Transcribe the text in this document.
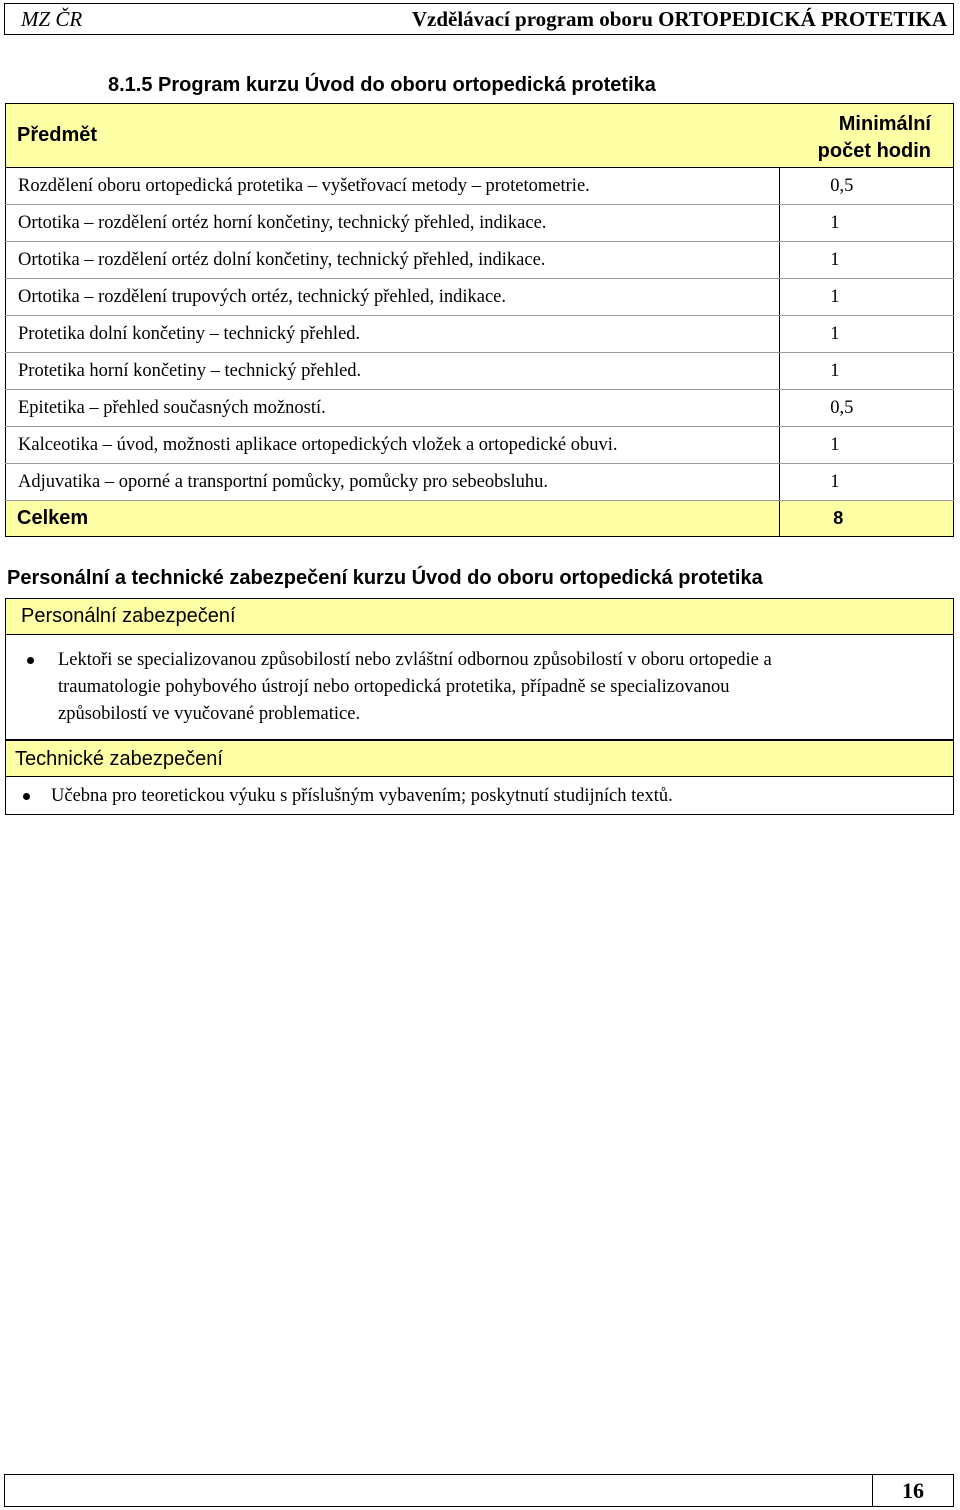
MZ ČR	Vzdělávací program oboru ORTOPEDICKÁ PROTETIKA
8.1.5 Program kurzu Úvod do oboru ortopedická protetika
Předmět	Minimální
počet hodin

Rozdělení oboru ortopedická protetika – vyšetřovací metody – protetometrie.	0,5
Ortotika – rozdělení ortéz horní končetiny, technický přehled, indikace.	1
Ortotika – rozdělení ortéz dolní končetiny, technický přehled, indikace.	1
Ortotika – rozdělení trupových ortéz, technický přehled, indikace.	1
Protetika dolní končetiny – technický přehled.	1
Protetika horní končetiny – technický přehled.	1
Epitetika – přehled současných možností.	0,5
Kalceotika – úvod, možnosti aplikace ortopedických vložek a ortopedické obuvi.	1
Adjuvatika – oporné a transportní pomůcky, pomůcky pro sebeobsluhu.	1
Celkem	8
Personální a technické zabezpečení kurzu Úvod do oboru ortopedická protetika
Personální zabezpečení
Lektoři se specializovanou způsobilostí nebo zvláštní odbornou způsobilostí v oboru ortopedie a
traumatologie pohybového ústrojí nebo ortopedická protetika, případně se specializovanou
způsobilostí ve vyučované problematice.
Technické zabezpečení
Učebna pro teoretickou výuku s příslušným vybavením; poskytnutí studijních textů.
16
